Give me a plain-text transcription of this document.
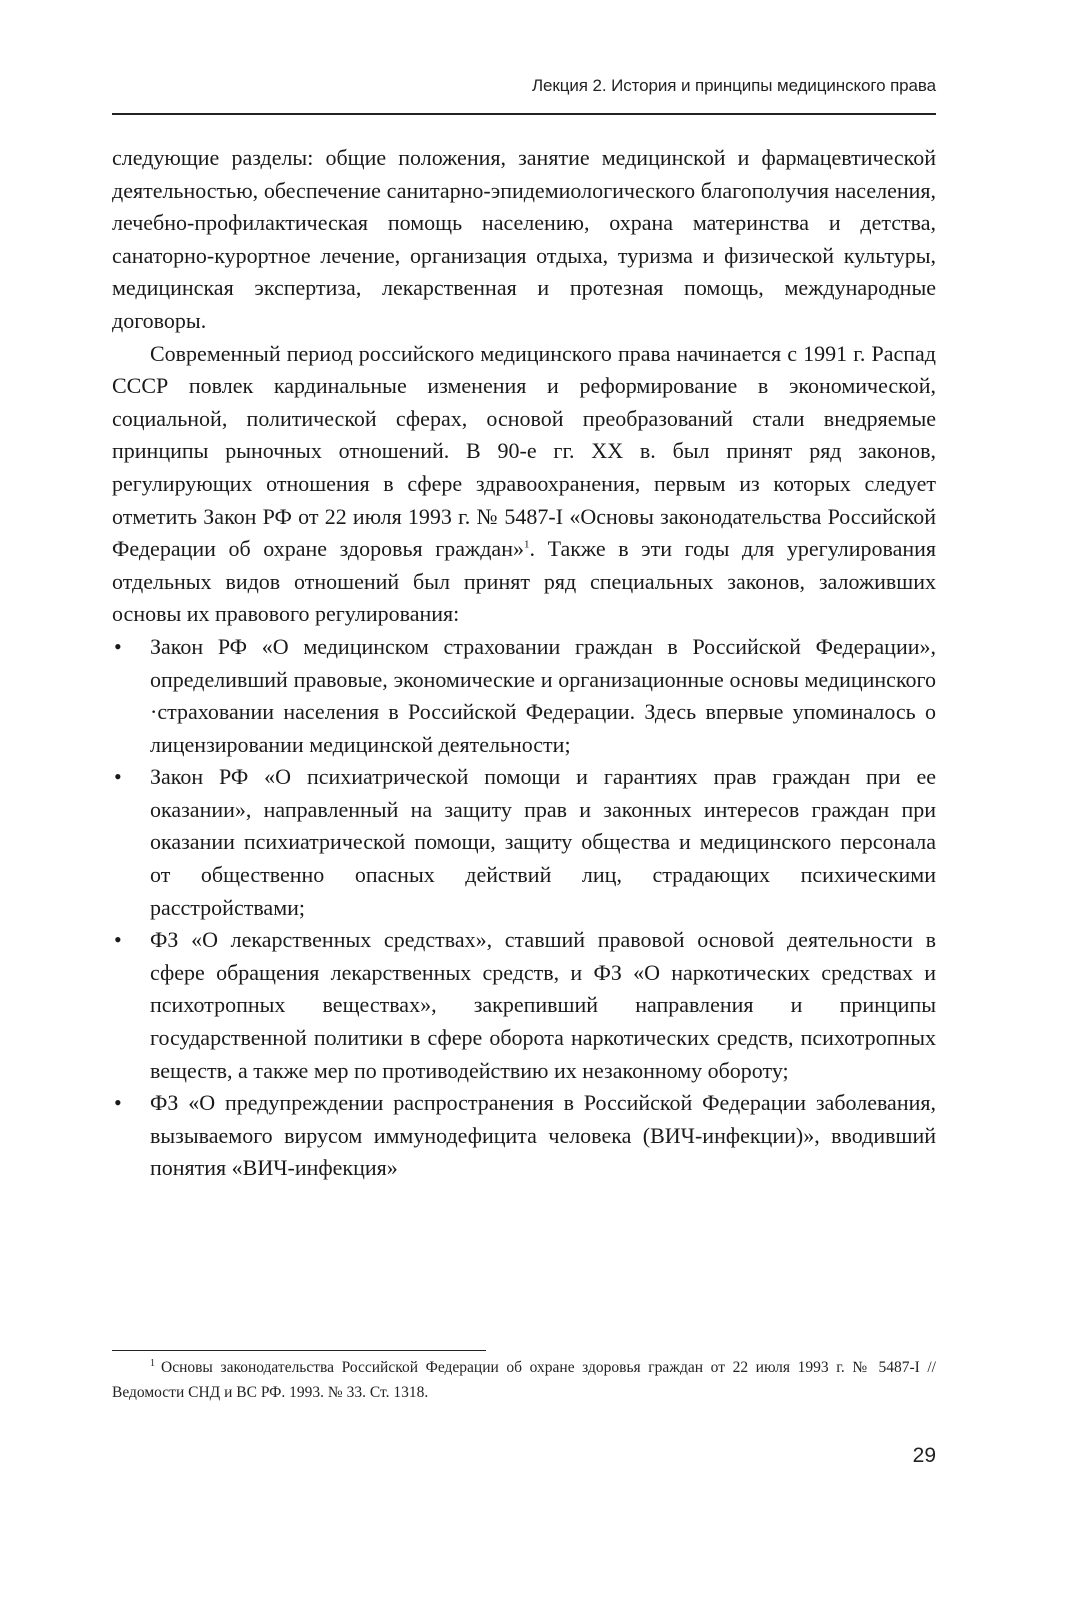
Лекция 2. История и принципы медицинского права

следующие разделы: общие положения, занятие медицинской и фармацевтической деятельностью, обеспечение санитарно-эпидемиологического благополучия населения, лечебно-профилактическая помощь населению, охрана материнства и детства, санаторно-курортное лечение, организация отдыха, туризма и физической культуры, медицинская экспертиза, лекарственная и протезная помощь, международные договоры.

Современный период российского медицинского права начинается с 1991 г. Распад СССР повлек кардинальные изменения и реформирование в экономической, социальной, политической сферах, основой преобразований стали внедряемые принципы рыночных отношений. В 90-е гг. XX в. был принят ряд законов, регулирующих отношения в сфере здравоохранения, первым из которых следует отметить Закон РФ от 22 июля 1993 г. № 5487-I «Основы законодательства Российской Федерации об охране здоровья граждан»$^1$. Также в эти годы для урегулирования отдельных видов отношений был принят ряд специальных законов, заложивших основы их правового регулирования:

•	Закон РФ «О медицинском страховании граждан в Российской Федерации», определивший правовые, экономические и организационные основы медицинского ·страховании населения в Российской Федерации. Здесь впервые упоминалось о лицензировании медицинской деятельности;
•	Закон РФ «О психиатрической помощи и гарантиях прав граждан при ее оказании», направленный на защиту прав и законных интересов граждан при оказании психиатрической помощи, защиту общества и медицинского персонала от общественно опасных действий лиц, страдающих психическими расстройствами;
•	ФЗ «О лекарственных средствах», ставший правовой основой деятельности в сфере обращения лекарственных средств, и ФЗ «О наркотических средствах и психотропных веществах», закрепивший направления и принципы государственной политики в сфере оборота наркотических средств, психотропных веществ, а также мер по противодействию их незаконному обороту;
•	ФЗ «О предупреждении распространения в Российской Федерации заболевания, вызываемого вирусом иммунодефицита человека (ВИЧ-инфекции)», вводивший понятия «ВИЧ-инфекция»

$^1$ Основы законодательства Российской Федерации об охране здоровья граждан от 22 июля 1993 г. № 5487-I // Ведомости СНД и ВС РФ. 1993. № 33. Ст. 1318.

29
